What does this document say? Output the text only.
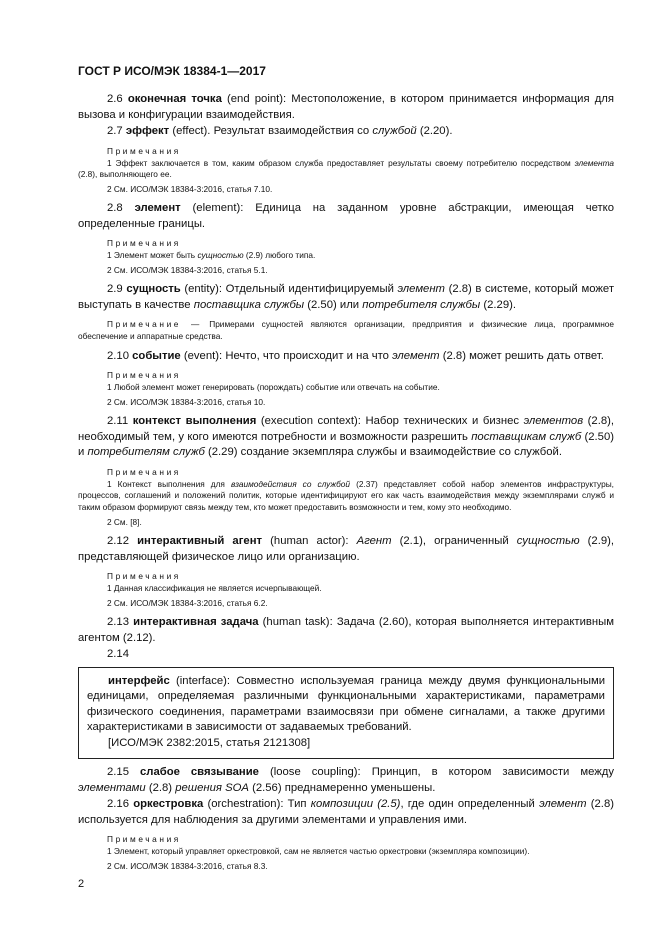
ГОСТ Р ИСО/МЭК 18384-1—2017

2.6 оконечная точка (end point): Местоположение, в котором принимается информация для вызова и конфигурации взаимодействия.

2.7 эффект (effect). Результат взаимодействия со службой (2.20).

Примечания

1 Эффект заключается в том, каким образом служба предоставляет результаты своему потребителю посредством элемента (2.8), выполняющего ее.

2 См. ИСО/МЭК 18384-3:2016, статья 7.10.

2.8 элемент (element): Единица на заданном уровне абстракции, имеющая четко определенные границы.

Примечания

1 Элемент может быть сущностью (2.9) любого типа.

2 См. ИСО/МЭК 18384-3:2016, статья 5.1.

2.9 сущность (entity): Отдельный идентифицируемый элемент (2.8) в системе, который может выступать в качестве поставщика службы (2.50) или потребителя службы (2.29).

Примечание — Примерами сущностей являются организации, предприятия и физические лица, программное обеспечение и аппаратные средства.

2.10 событие (event): Нечто, что происходит и на что элемент (2.8) может решить дать ответ.

Примечания

1 Любой элемент может генерировать (порождать) событие или отвечать на событие.

2 См. ИСО/МЭК 18384-3:2016, статья 10.

2.11 контекст выполнения (execution context): Набор технических и бизнес элементов (2.8), необходимый тем, у кого имеются потребности и возможности разрешить поставщикам служб (2.50) и потребителям служб (2.29) создание экземпляра службы и взаимодействие со службой.

Примечания

1 Контекст выполнения для взаимодействия со службой (2.37) представляет собой набор элементов инфраструктуры, процессов, соглашений и положений политик, которые идентифицируют его как часть взаимодействия между экземплярами служб и таким образом формируют связь между тем, кто может предоставить возможности и тем, кому это необходимо.

2 См. [8].

2.12 интерактивный агент (human actor): Агент (2.1), ограниченный сущностью (2.9), представляющей физическое лицо или организацию.

Примечания

1 Данная классификация не является исчерпывающей.

2 См. ИСО/МЭК 18384-3:2016, статья 6.2.

2.13 интерактивная задача (human task): Задача (2.60), которая выполняется интерактивным агентом (2.12).

2.14

интерфейс (interface): Совместно используемая граница между двумя функциональными единицами, определяемая различными функциональными характеристиками, параметрами физического соединения, параметрами взаимосвязи при обмене сигналами, а также другими характеристиками в зависимости от задаваемых требований.

[ИСО/МЭК 2382:2015, статья 2121308]

2.15 слабое связывание (loose coupling): Принцип, в котором зависимости между элементами (2.8) решения SOA (2.56) преднамеренно уменьшены.

2.16 оркестровка (orchestration): Тип композиции (2.5), где один определенный элемент (2.8) используется для наблюдения за другими элементами и управления ими.

Примечания

1 Элемент, который управляет оркестровкой, сам не является частью оркестровки (экземпляра композиции).

2 См. ИСО/МЭК 18384-3:2016, статья 8.3.

2
